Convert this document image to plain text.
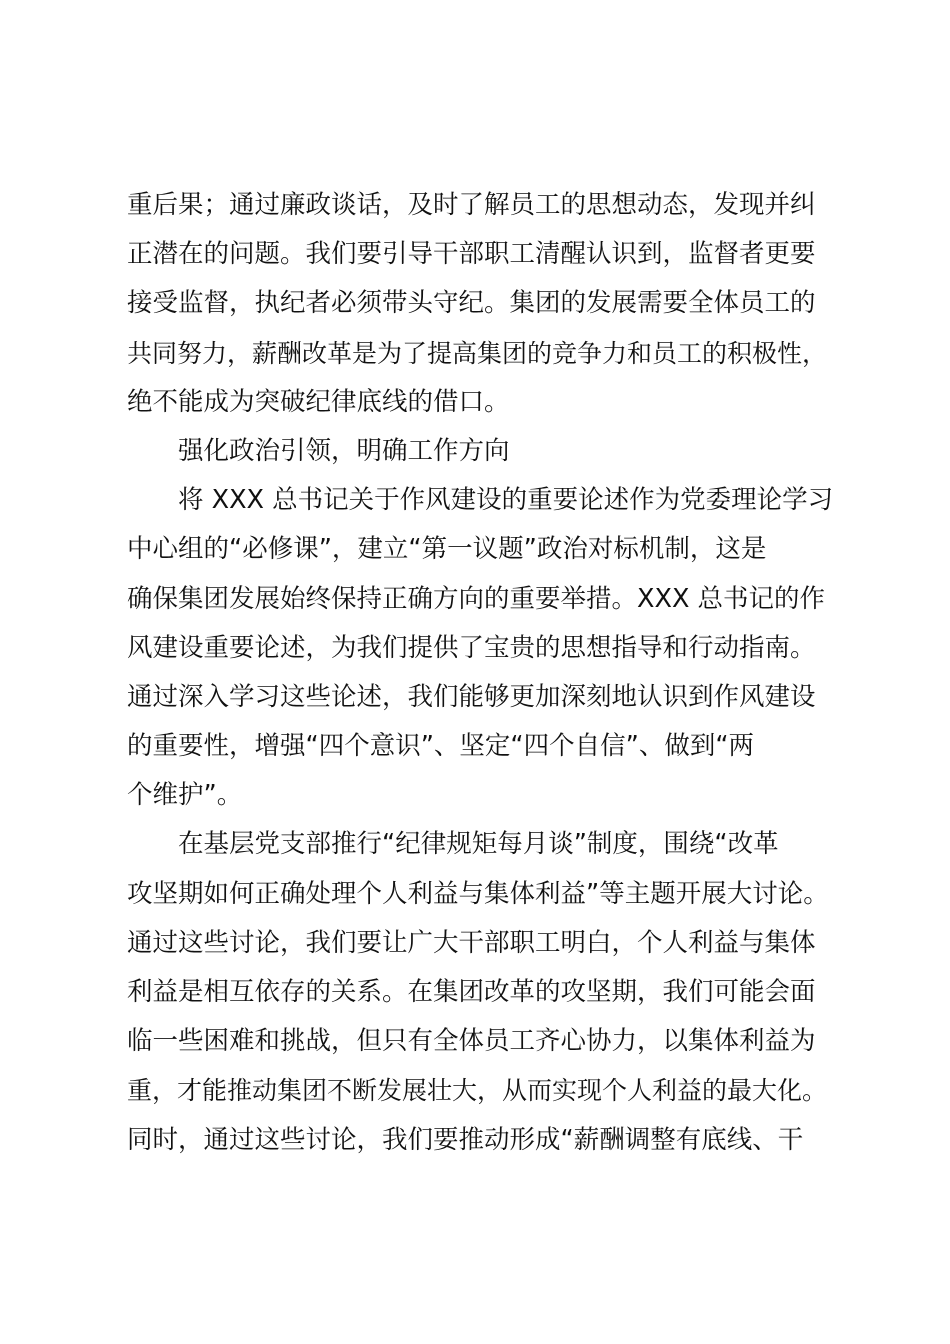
重后果；通过廉政谈话，及时了解员工的思想动态，发现并纠
正潜在的问题。我们要引导干部职工清醒认识到，监督者更要
接受监督，执纪者必须带头守纪。集团的发展需要全体员工的
共同努力，薪酬改革是为了提高集团的竞争力和员工的积极性，
绝不能成为突破纪律底线的借口。
强化政治引领，明确工作方向
将 XXX 总书记关于作风建设的重要论述作为党委理论学习
中心组的“必修课”，建立“第一议题”政治对标机制，这是
确保集团发展始终保持正确方向的重要举措。XXX 总书记的作
风建设重要论述，为我们提供了宝贵的思想指导和行动指南。
通过深入学习这些论述，我们能够更加深刻地认识到作风建设
的重要性，增强“四个意识”、坚定“四个自信”、做到“两
个维护”。
在基层党支部推行“纪律规矩每月谈”制度，围绕“改革
攻坚期如何正确处理个人利益与集体利益”等主题开展大讨论。
通过这些讨论，我们要让广大干部职工明白，个人利益与集体
利益是相互依存的关系。在集团改革的攻坚期，我们可能会面
临一些困难和挑战，但只有全体员工齐心协力，以集体利益为
重，才能推动集团不断发展壮大，从而实现个人利益的最大化。
同时，通过这些讨论，我们要推动形成“薪酬调整有底线、干
